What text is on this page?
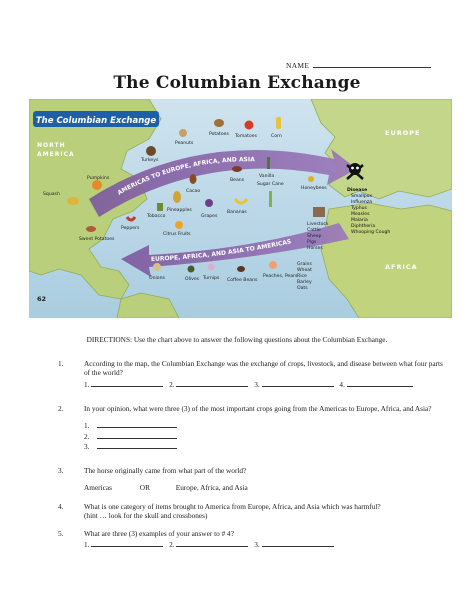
NAME
The Columbian Exchange
The Columbian Exchange
NORTH
AMERICA
EUROPE
AFRICA
AMERICAS TO EUROPE, AFRICA, AND ASIA
EUROPE, AFRICA, AND ASIA TO AMERICAS
Peanuts
Potatoes Tomatoes	Corn
Turkeys
Pumpkins	Vanilla
Squash
Cacao
Beans
Sugar Cane
Pineapples
Tobacco	Grapes
Bananas
Peppers
Citrus Fruits
Sweet Potatoes
Onions	Olives Turnips Coffee Beans
Peaches, Pears
Honeybees
Livestock
Cattle
Sheep
Pigs
Horses
Grains
Wheat
Rice
Barley
Oats
Disease
Smallpox
Influenza
Typhus
Measles
Malaria
Diphtheria
Whooping Cough
62
DIRECTIONS: Use the chart above to answer the following questions about the Columbian Exchange.
1.	According to the map, the Columbian Exchange was the exchange of crops, livestock, and disease between what four parts of the world?
1.	2.	3.	4.
2.	In your opinion, what were three (3) of the most important crops going from the Americas to Europe, Africa, and Asia?
1.
2.
3.
3.	The horse originally came from what part of the world?
Americas	OR	Europe, Africa, and Asia
4.	What is one category of items brought to America from Europe, Africa, and Asia which was harmful?
(hint … look for the skull and crossbones)
5.	What are three (3) examples of your answer to # 4?
1.	2.	3.
